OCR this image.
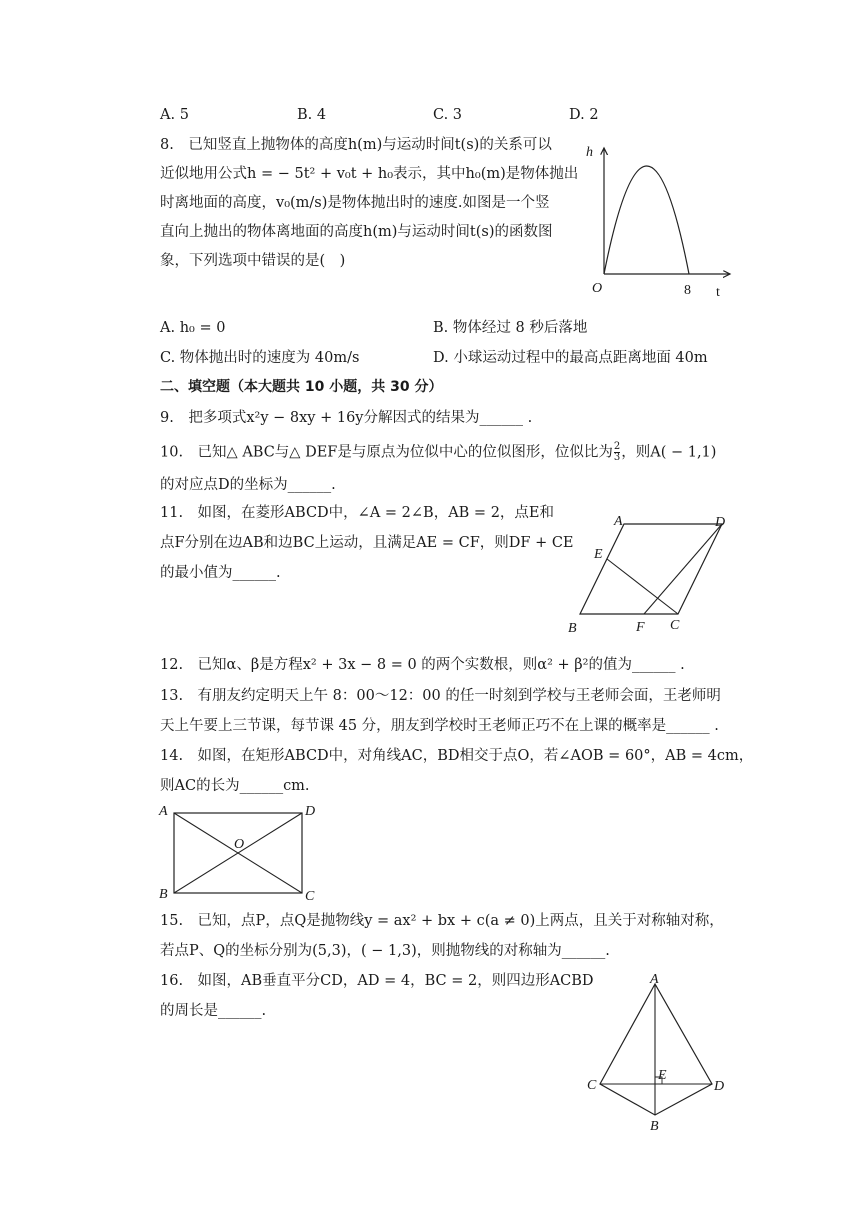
A. 5	B. 4	C. 3	D. 2
8.　已知竖直上抛物体的高度h(m)与运动时间t(s)的关系可以
近似地用公式h = − 5t² + v₀t + h₀表示，其中h₀(m)是物体抛出
时离地面的高度，v₀(m/s)是物体抛出时的速度.如图是一个竖
直向上抛出的物体离地面的高度h(m)与运动时间t(s)的函数图
象，下列选项中错误的是(　)
h
t
O	8
A. h₀ = 0	B. 物体经过 8 秒后落地
C. 物体抛出时的速度为 40m/s	D. 小球运动过程中的最高点距离地面 40m
二、填空题（本大题共 10 小题，共 30 分）
9.　把多项式x²y − 8xy + 16y分解因式的结果为______ .
10.　已知△ ABC与△ DEF是与原点为位似中心的位似图形，位似比为 $\frac{2}{3}$ ，则A( − 1,1)
的对应点D的坐标为______.
11.　如图，在菱形ABCD中，∠A = 2∠B，AB = 2，点E和
点F分别在边AB和边BC上运动，且满足AE = CF，则DF + CE
的最小值为______.
A	D
E
B	F C
12.　已知α、β是方程x² + 3x − 8 = 0 的两个实数根，则α² + β²的值为______ .
13.　有朋友约定明天上午 8：00～12：00 的任一时刻到学校与王老师会面，王老师明
天上午要上三节课，每节课 45 分，朋友到学校时王老师正巧不在上课的概率是______ .
14.　如图，在矩形ABCD中，对角线AC，BD相交于点O，若∠AOB = 60°，AB = 4cm，
则AC的长为______cm.
A	D
O
B	C
15.　已知，点P，点Q是抛物线y = ax² + bx + c(a ≠ 0)上两点，且关于对称轴对称，
若点P、Q的坐标分别为(5,3)，( − 1,3)，则抛物线的对称轴为______.
16.　如图，AB垂直平分CD，AD = 4，BC = 2，则四边形ACBD
的周长是______.
A
E
C	D
B
